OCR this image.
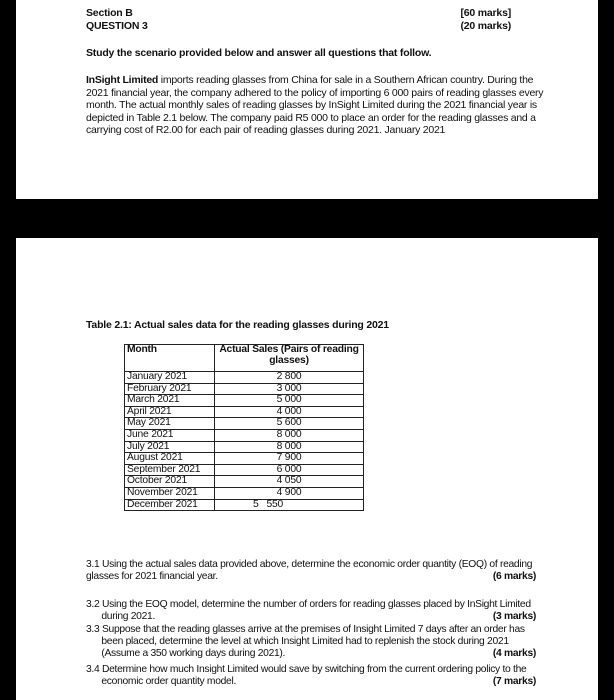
Section B
QUESTION 3
[60 marks]
(20 marks)
Study the scenario provided below and answer all questions that follow.
InSight Limited imports reading glasses from China for sale in a Southern African country. During the
2021 financial year, the company adhered to the policy of importing 6 000 pairs of reading glasses every
month. The actual monthly sales of reading glasses by InSight Limited during the 2021 financial year is
depicted in Table 2.1 below. The company paid R5 000 to place an order for the reading glasses and a
carrying cost of R2.00 for each pair of reading glasses during 2021. January 2021
Table 2.1: Actual sales data for the reading glasses during 2021
Month	Actual Sales (Pairs of reading glasses)
January 2021	2 800
February 2021	3 000
March 2021	5 000
April 2021	4 000
May 2021	5 600
June 2021	8 000
July 2021	8 000
August 2021	7 900
September 2021	6 000
October 2021	4 050
November 2021	4 900
December 2021	5   550
3.1 Using the actual sales data provided above, determine the economic order quantity (EOQ) of reading
glasses for 2021 financial year.	(6 marks)
3.2 Using the EOQ model, determine the number of orders for reading glasses placed by InSight Limited
during 2021.	(3 marks)
3.3 Suppose that the reading glasses arrive at the premises of Insight Limited 7 days after an order has
been placed, determine the level at which Insight Limited had to replenish the stock during 2021
(Assume a 350 working days during 2021).	(4 marks)
3.4 Determine how much Insight Limited would save by switching from the current ordering policy to the
economic order quantity model.	(7 marks)
